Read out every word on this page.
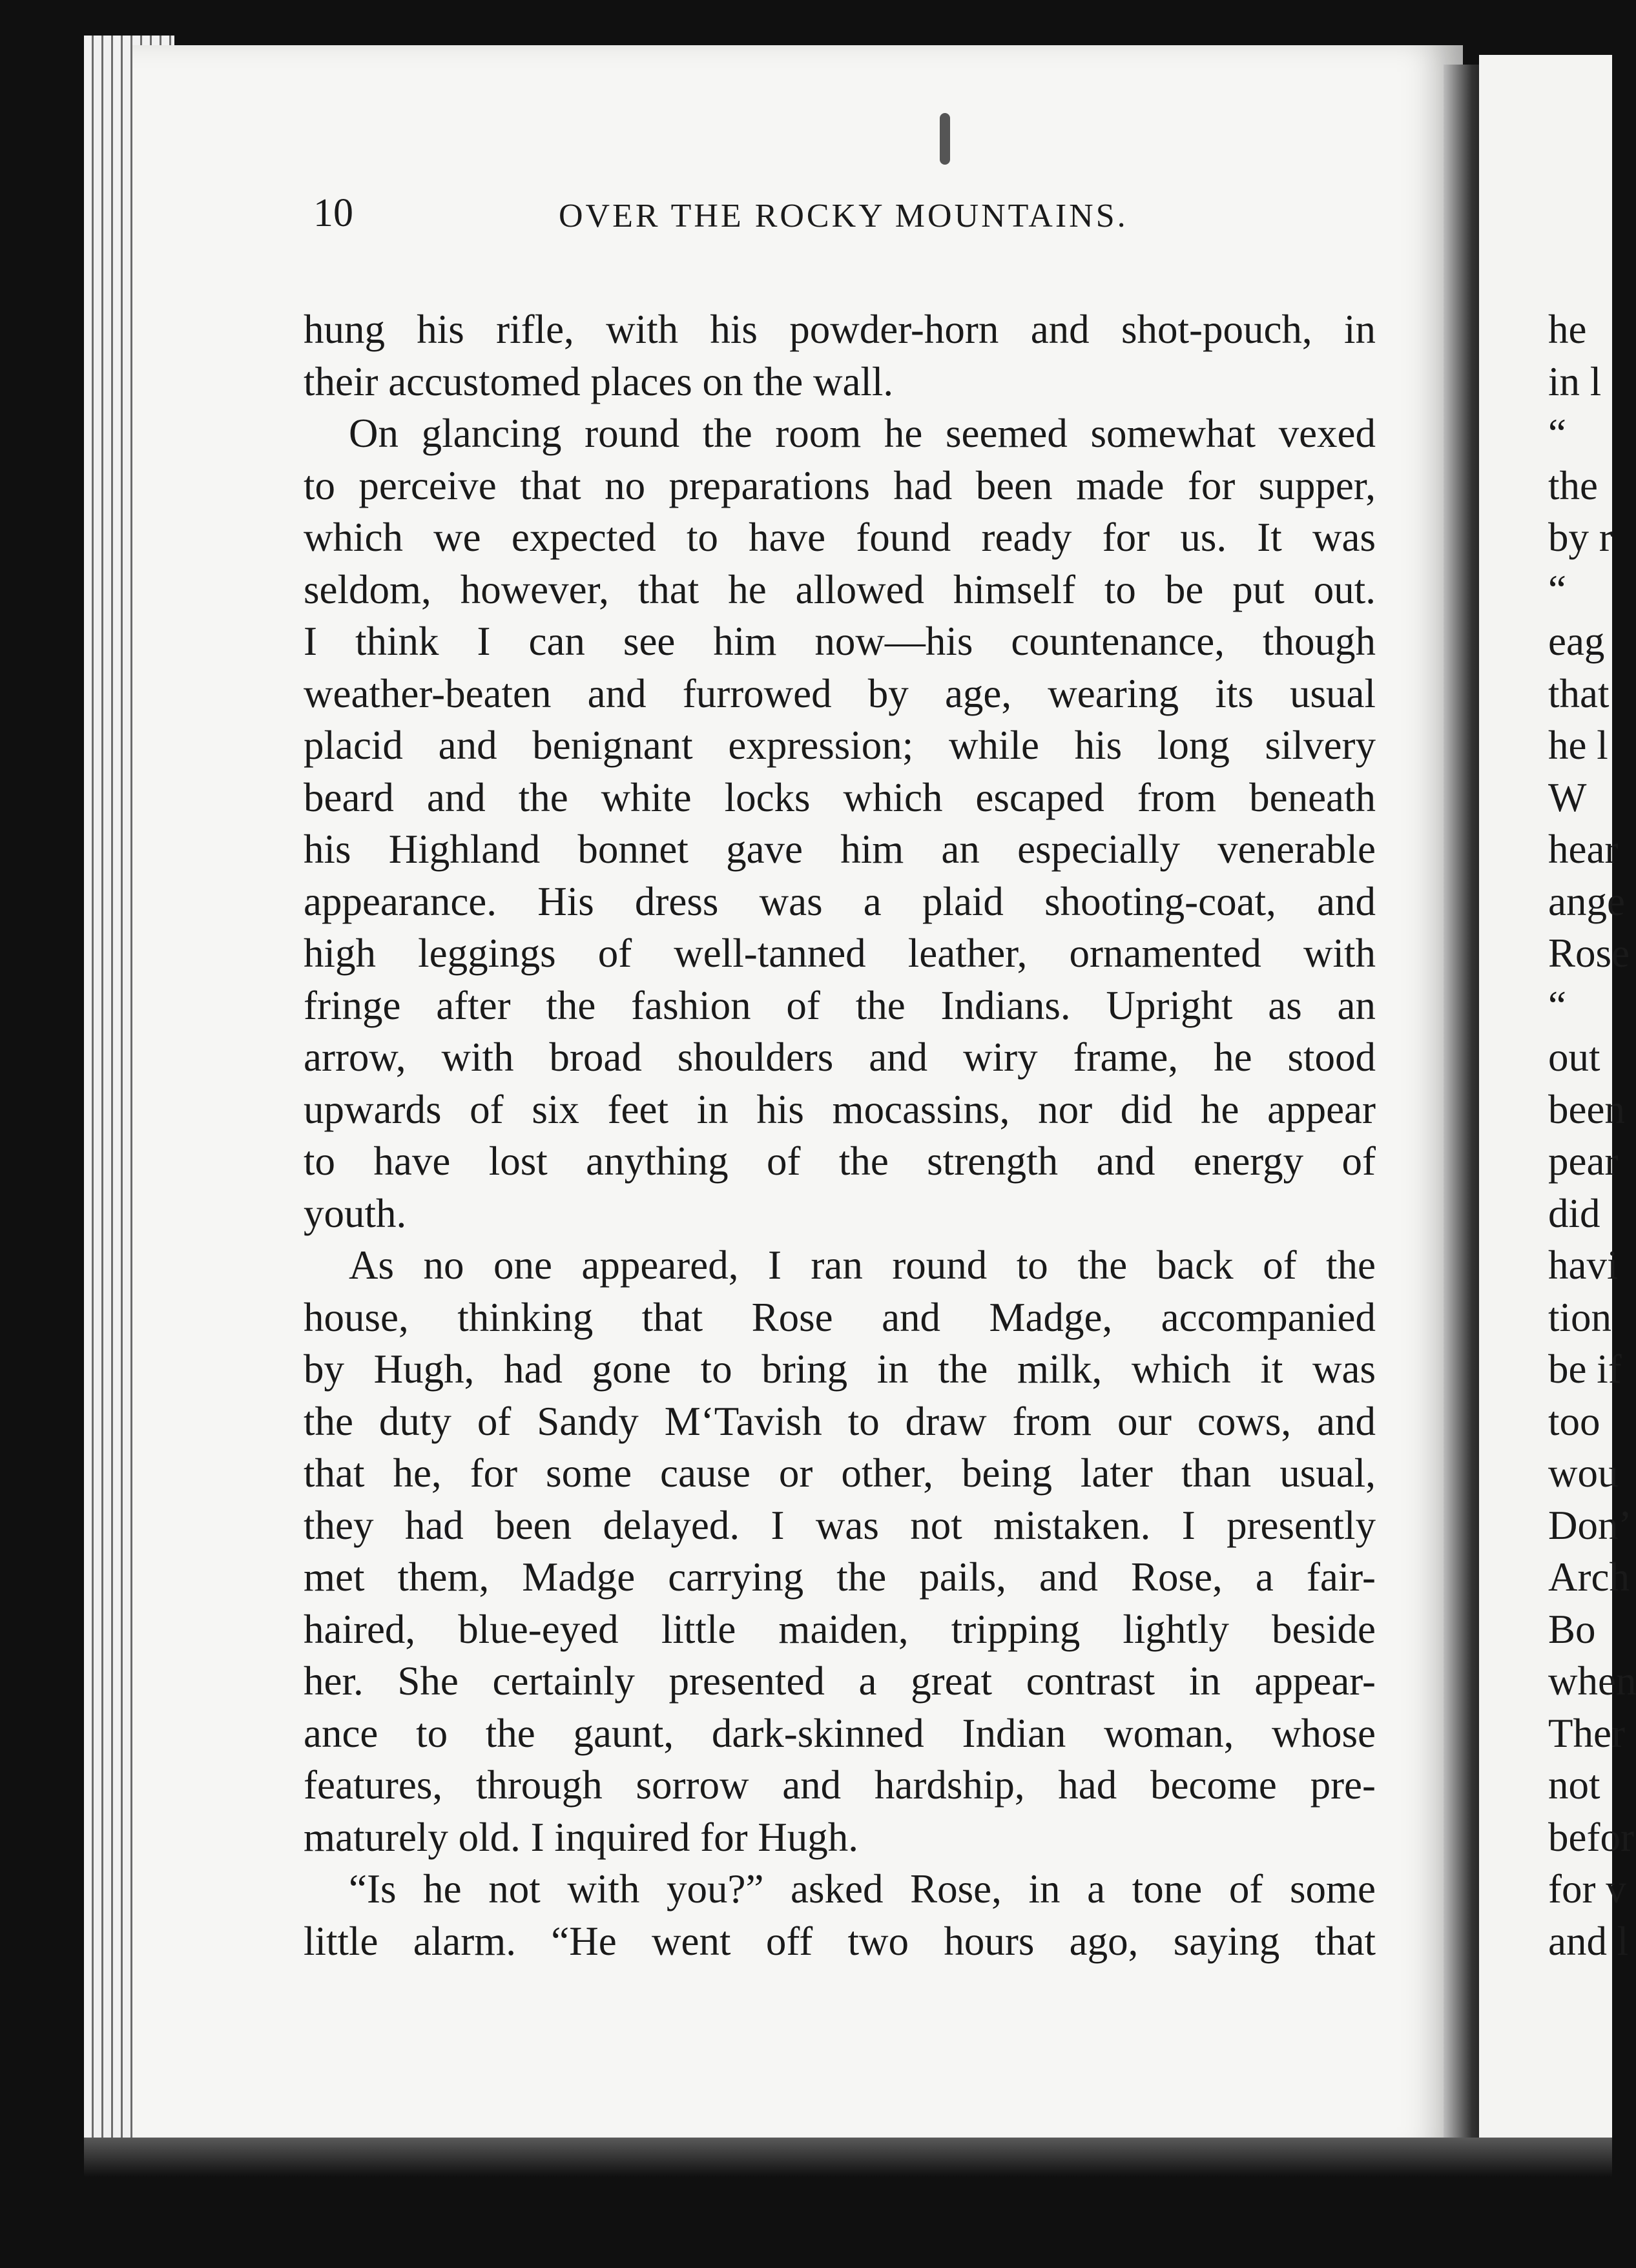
10	OVER THE ROCKY MOUNTAINS.

hung his rifle, with his powder-horn and shot-pouch, in
their accustomed places on the wall.

On glancing round the room he seemed somewhat vexed
to perceive that no preparations had been made for supper,
which we expected to have found ready for us. It was
seldom, however, that he allowed himself to be put out.
I think I can see him now—his countenance, though
weather-beaten and furrowed by age, wearing its usual
placid and benignant expression; while his long silvery
beard and the white locks which escaped from beneath
his Highland bonnet gave him an especially venerable
appearance. His dress was a plaid shooting-coat, and
high leggings of well-tanned leather, ornamented with
fringe after the fashion of the Indians. Upright as an
arrow, with broad shoulders and wiry frame, he stood
upwards of six feet in his mocassins, nor did he appear
to have lost anything of the strength and energy of
youth.

As no one appeared, I ran round to the back of the
house, thinking that Rose and Madge, accompanied
by Hugh, had gone to bring in the milk, which it was
the duty of Sandy M‘Tavish to draw from our cows, and
that he, for some cause or other, being later than usual,
they had been delayed. I was not mistaken. I presently
met them, Madge carrying the pails, and Rose, a fair-
haired, blue-eyed little maiden, tripping lightly beside
her. She certainly presented a great contrast in appear-
ance to the gaunt, dark-skinned Indian woman, whose
features, through sorrow and hardship, had become pre-
maturely old. I inquired for Hugh.

“Is he not with you?” asked Rose, in a tone of some
little alarm. “He went off two hours ago, saying that

he
in l
“
the
by r
“
eag
that
he l
W
hear
ange
Rose
“
out
been
pear
did
havi
tion
be if
too
wou
Don’
Arch
Bo
when
Ther
not
befor
for v
and l
